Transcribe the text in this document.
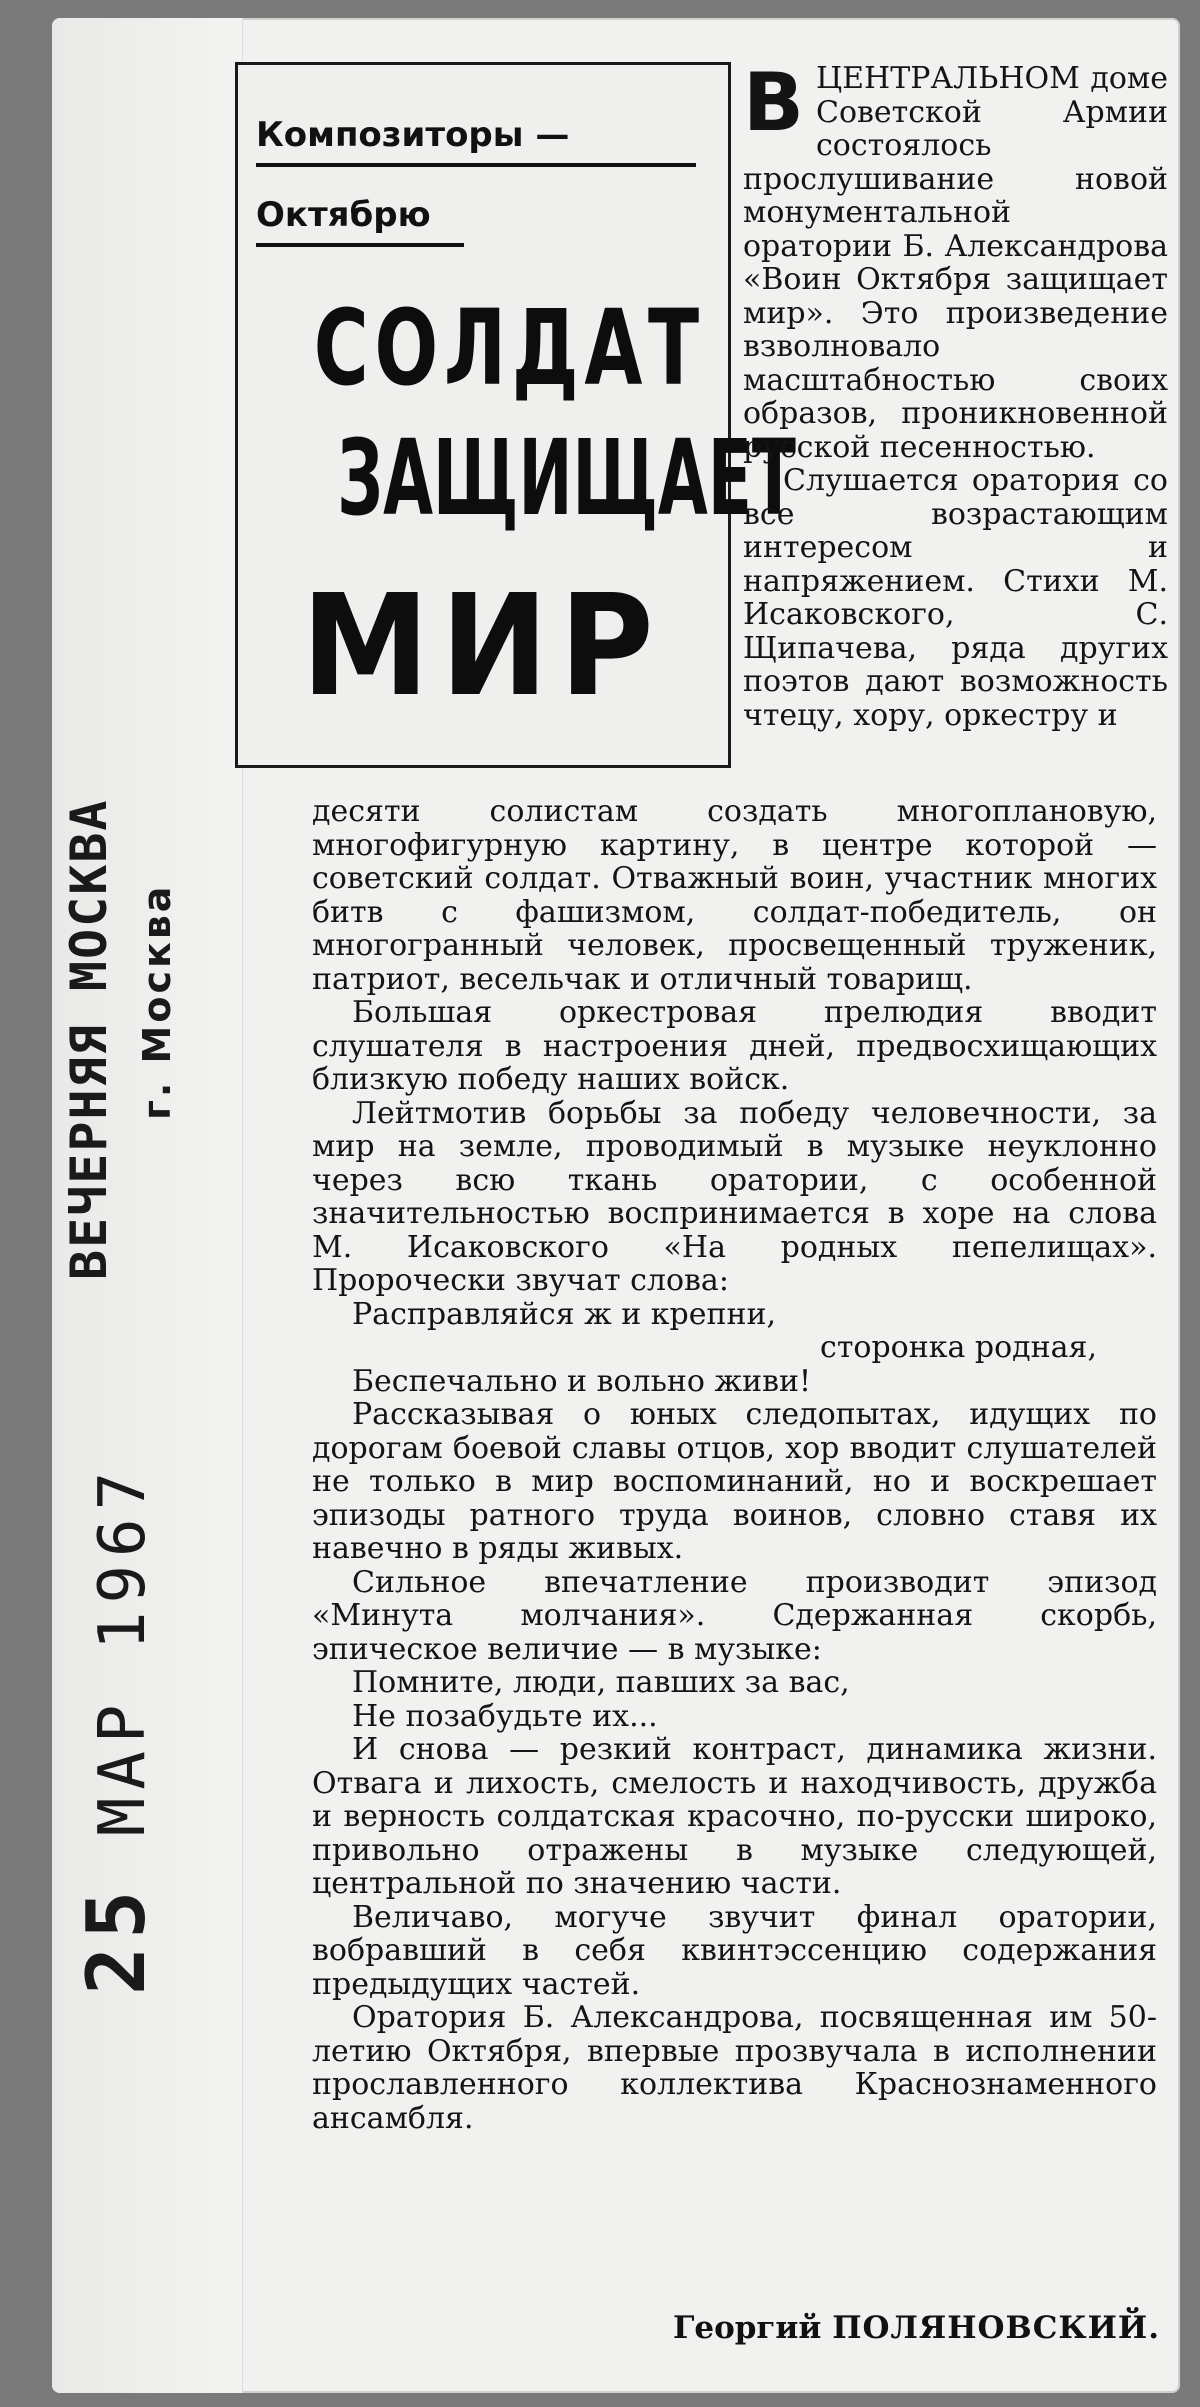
ВЕЧЕРНЯЯ МОСКВА г. Москва
25 МАР 1967
Композиторы —
Октябрю
СОЛДАТ
ЗАЩИЩАЕТ
МИР

ВЦЕНТРАЛЬНОМ доме Советской Армии состоялось прослушивание новой монументальной оратории Б. Александрова «Воин Октября защищает мир». Это произведение взволновало масштабностью своих образов, проникновенной русской песенностью.

Слушается оратория со все возрастающим интересом и напряжением. Стихи М. Исаковского, С. Щипачева, ряда других поэтов дают возможность чтецу, хору, оркестру и

десяти солистам создать многоплановую, многофигурную картину, в центре которой — советский солдат. Отважный воин, участник многих битв с фашизмом, солдат-победитель, он многогранный человек, просвещенный труженик, патриот, весельчак и отличный товарищ.

Большая оркестровая прелюдия вводит слушателя в настроения дней, предвосхищающих близкую победу наших войск.

Лейтмотив борьбы за победу человечности, за мир на земле, проводимый в музыке неуклонно через всю ткань оратории, с особенной значительностью воспринимается в хоре на слова М. Исаковского «На родных пепелищах». Пророчески звучат слова:

Расправляйся ж и крепни,

сторонка родная,

Беспечально и вольно живи!

Рассказывая о юных следопытах, идущих по дорогам боевой славы отцов, хор вводит слушателей не только в мир воспоминаний, но и воскрешает эпизоды ратного труда воинов, словно ставя их навечно в ряды живых.

Сильное впечатление производит эпизод «Минута молчания». Сдержанная скорбь, эпическое величие — в музыке:

Помните, люди, павших за вас,

Не позабудьте их...

И снова — резкий контраст, динамика жизни. Отвага и лихость, смелость и находчивость, дружба и верность солдатская красочно, по-русски широко, привольно отражены в музыке следующей, центральной по значению части.

Величаво, могуче звучит финал оратории, вобравший в себя квинтэссенцию содержания предыдущих частей.

Оратория Б. Александрова, посвященная им 50-летию Октября, впервые прозвучала в исполнении прославленного коллектива Краснознаменного ансамбля.

Георгий ПОЛЯНОВСКИЙ.
